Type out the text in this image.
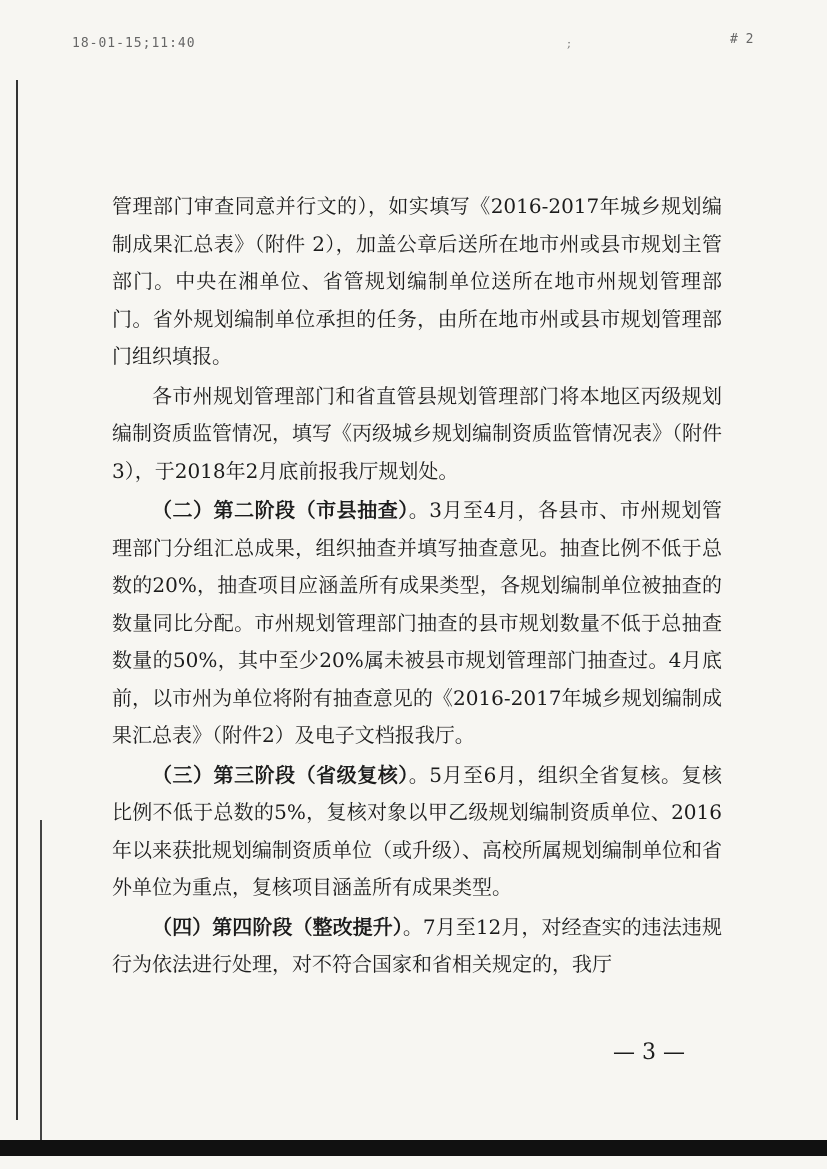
18-01-15;11:40	;	# 2

管理部门审查同意并行文的），如实填写《2016-2017年城乡规划编制成果汇总表》（附件 2），加盖公章后送所在地市州或县市规划主管部门。中央在湘单位、省管规划编制单位送所在地市州规划管理部门。省外规划编制单位承担的任务，由所在地市州或县市规划管理部门组织填报。

各市州规划管理部门和省直管县规划管理部门将本地区丙级规划编制资质监管情况，填写《丙级城乡规划编制资质监管情况表》（附件3），于2018年2月底前报我厅规划处。

（二）第二阶段（市县抽查）。3月至4月，各县市、市州规划管理部门分组汇总成果，组织抽查并填写抽查意见。抽查比例不低于总数的20%，抽查项目应涵盖所有成果类型，各规划编制单位被抽查的数量同比分配。市州规划管理部门抽查的县市规划数量不低于总抽查数量的50%，其中至少20%属未被县市规划管理部门抽查过。4月底前，以市州为单位将附有抽查意见的《2016-2017年城乡规划编制成果汇总表》（附件2）及电子文档报我厅。

（三）第三阶段（省级复核）。5月至6月，组织全省复核。复核比例不低于总数的5%，复核对象以甲乙级规划编制资质单位、2016年以来获批规划编制资质单位（或升级）、高校所属规划编制单位和省外单位为重点，复核项目涵盖所有成果类型。

（四）第四阶段（整改提升）。7月至12月，对经查实的违法违规行为依法进行处理，对不符合国家和省相关规定的，我厅

— 3 —
